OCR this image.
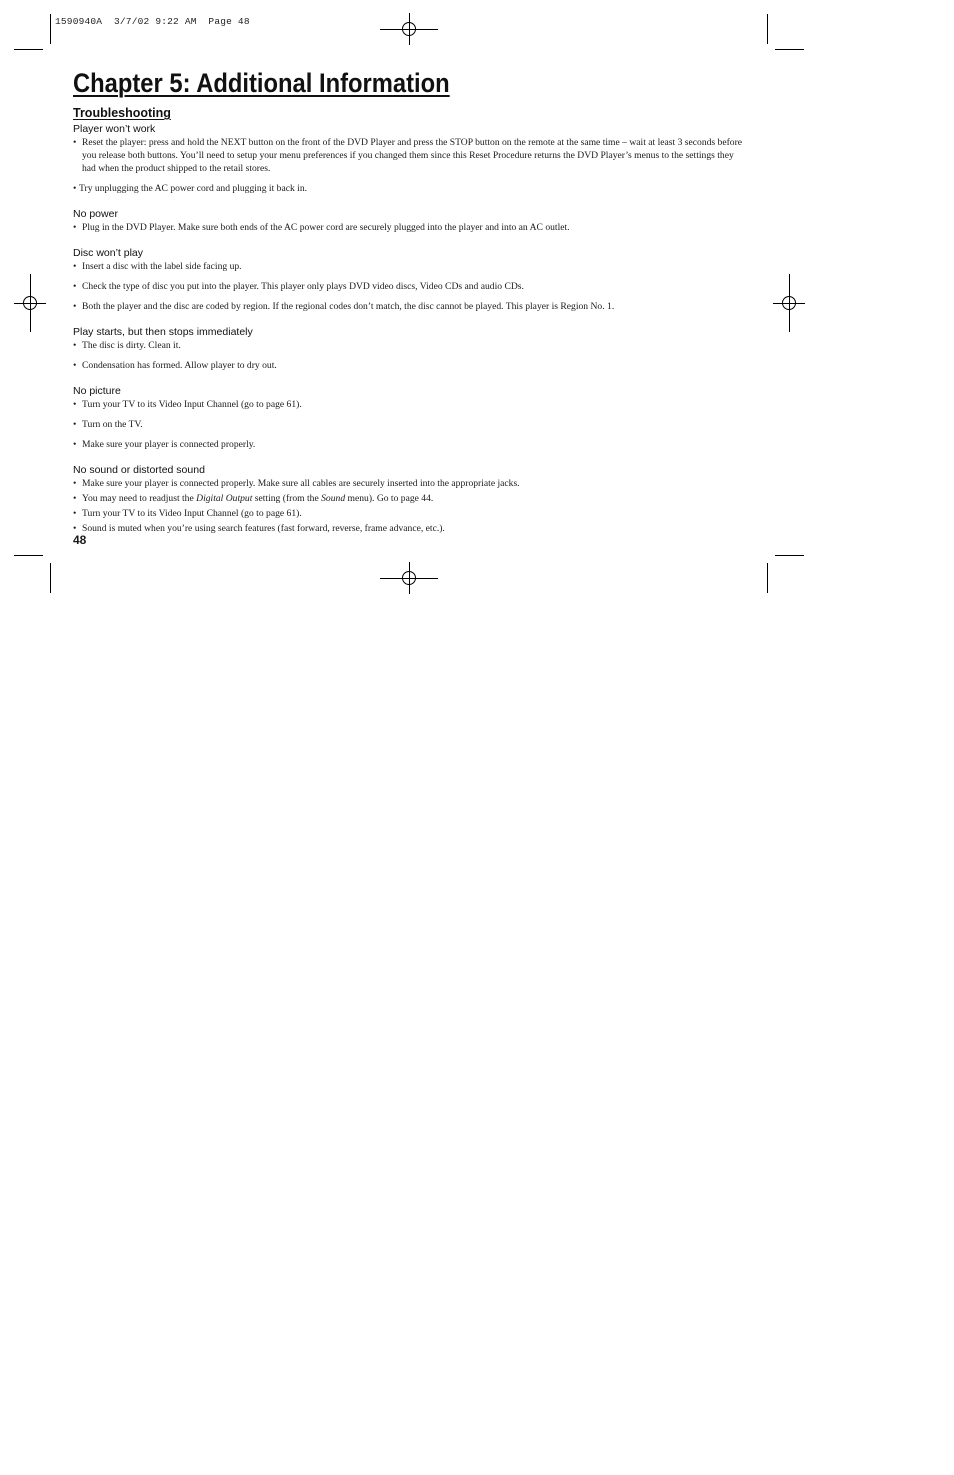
1590940A  3/7/02 9:22 AM  Page 48
Chapter 5: Additional Information
Troubleshooting

Player won’t work

• Reset the player: press and hold the NEXT button on the front of the DVD Player and press the STOP button on the remote at the same time – wait at least 3 seconds before you release both buttons. You’ll need to setup your menu preferences if you changed them since this Reset Procedure returns the DVD Player’s menus to the settings they had when the product shipped to the retail stores.

• Try unplugging the AC power cord and plugging it back in.

No power

• Plug in the DVD Player. Make sure both ends of the AC power cord are securely plugged into the player and into an AC outlet.

Disc won’t play

• Insert a disc with the label side facing up.

• Check the type of disc you put into the player. This player only plays DVD video discs, Video CDs and audio CDs.

• Both the player and the disc are coded by region. If the regional codes don’t match, the disc cannot be played. This player is Region No. 1.

Play starts, but then stops immediately

• The disc is dirty. Clean it.

• Condensation has formed. Allow player to dry out.

No picture

• Turn your TV to its Video Input Channel (go to page 61).

• Turn on the TV.

• Make sure your player is connected properly.

No sound or distorted sound

• Make sure your player is connected properly. Make sure all cables are securely inserted into the appropriate jacks.

• You may need to readjust the Digital Output setting (from the Sound menu). Go to page 44.

• Turn your TV to its Video Input Channel (go to page 61).

• Sound is muted when you’re using search features (fast forward, reverse, frame advance, etc.).

48
